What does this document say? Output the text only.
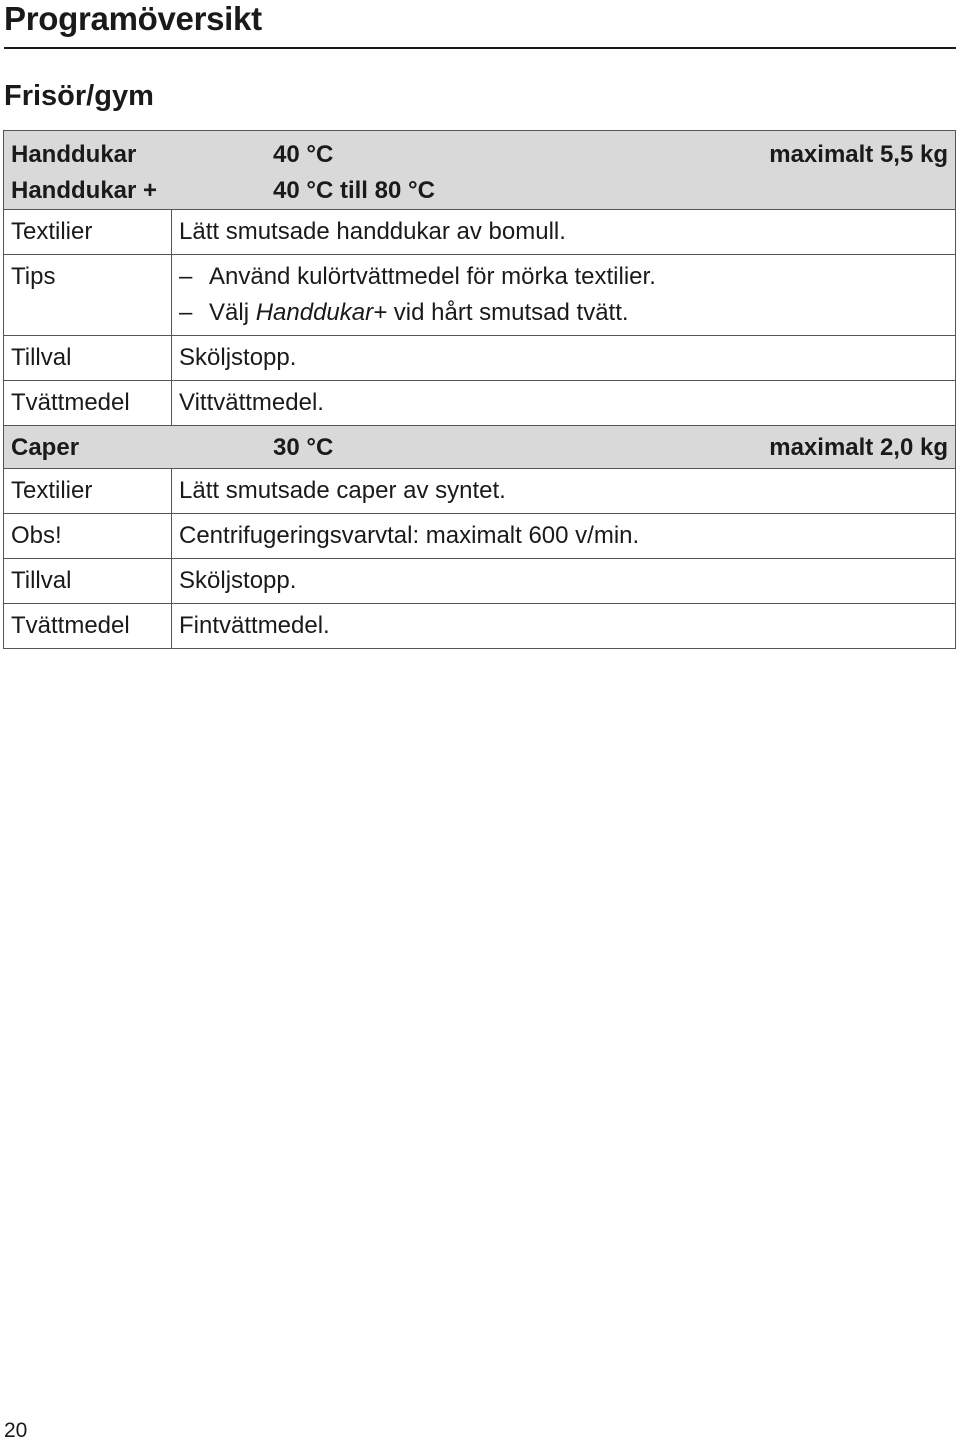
Programöversikt
Frisör/gym
Handdukar 40 °C maximalt 5,5 kg
Handdukar + 40 °C till 80 °C	

Textilier	Lätt smutsade handdukar av bomull.
Tips	– Använd kulörtvättmedel för mörka textilier.
– Välj Handdukar+ vid hårt smutsad tvätt.

Tillval	Sköljstopp.
Tvättmedel	Vittvättmedel.

Caper 30 °C maximalt 2,0 kg	

Textilier	Lätt smutsade caper av syntet.
Obs!	Centrifugeringsvarvtal: maximalt 600 v/min.
Tillval	Sköljstopp.
Tvättmedel	Fintvättmedel.
20
